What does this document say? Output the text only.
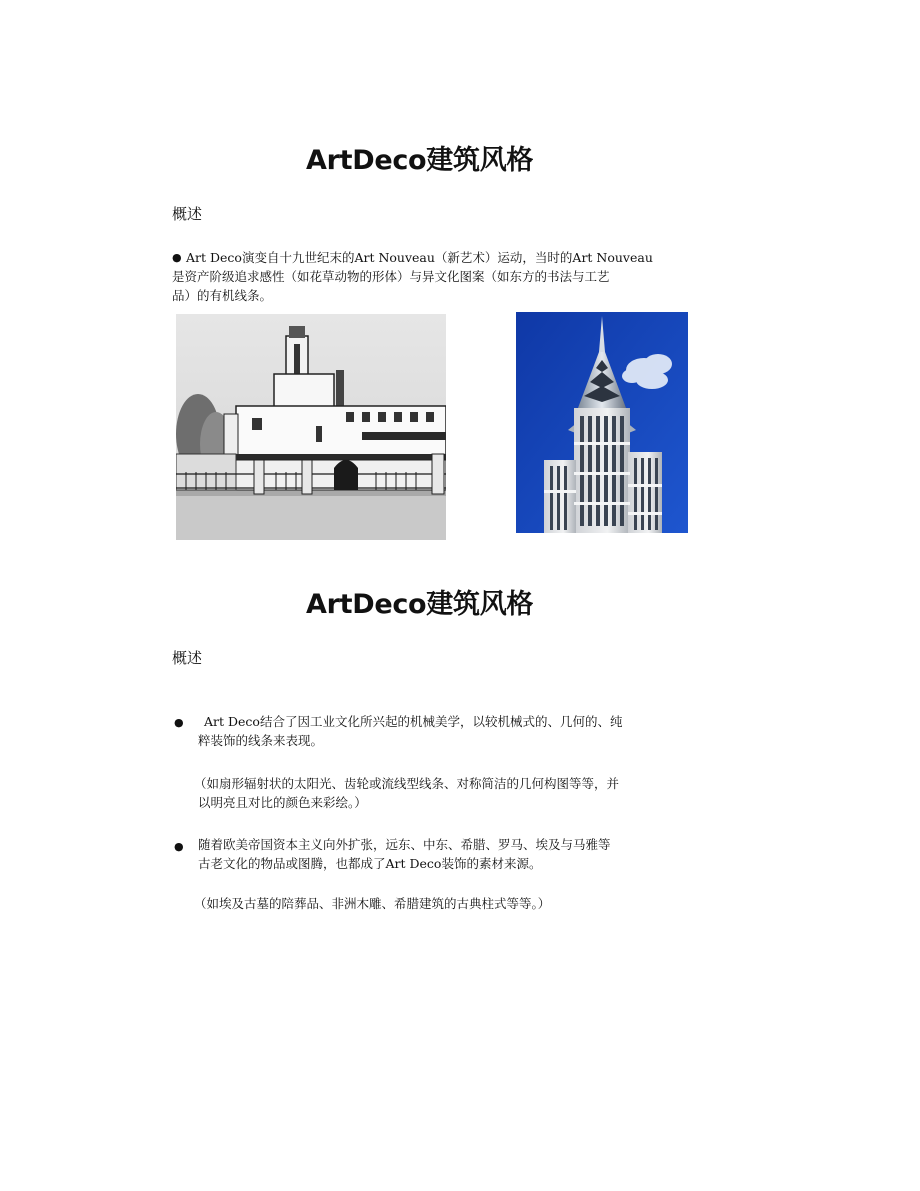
ArtDeco建筑风格
概述
● Art Deco演变自十九世纪末的Art Nouveau（新艺术）运动，当时的Art Nouveau
是资产阶级追求感性（如花草动物的形体）与异文化图案（如东方的书法与工艺
品）的有机线条。
ArtDeco建筑风格
概述
●	Art Deco结合了因工业文化所兴起的机械美学，以较机械式的、几何的、纯
粹装饰的线条来表现。
（如扇形辐射状的太阳光、齿轮或流线型线条、对称简洁的几何构图等等，并
以明亮且对比的颜色来彩绘。）
● 随着欧美帝国资本主义向外扩张，远东、中东、希腊、罗马、埃及与马雅等
古老文化的物品或图腾，也都成了Art Deco装饰的素材来源。
（如埃及古墓的陪葬品、非洲木雕、希腊建筑的古典柱式等等。）
